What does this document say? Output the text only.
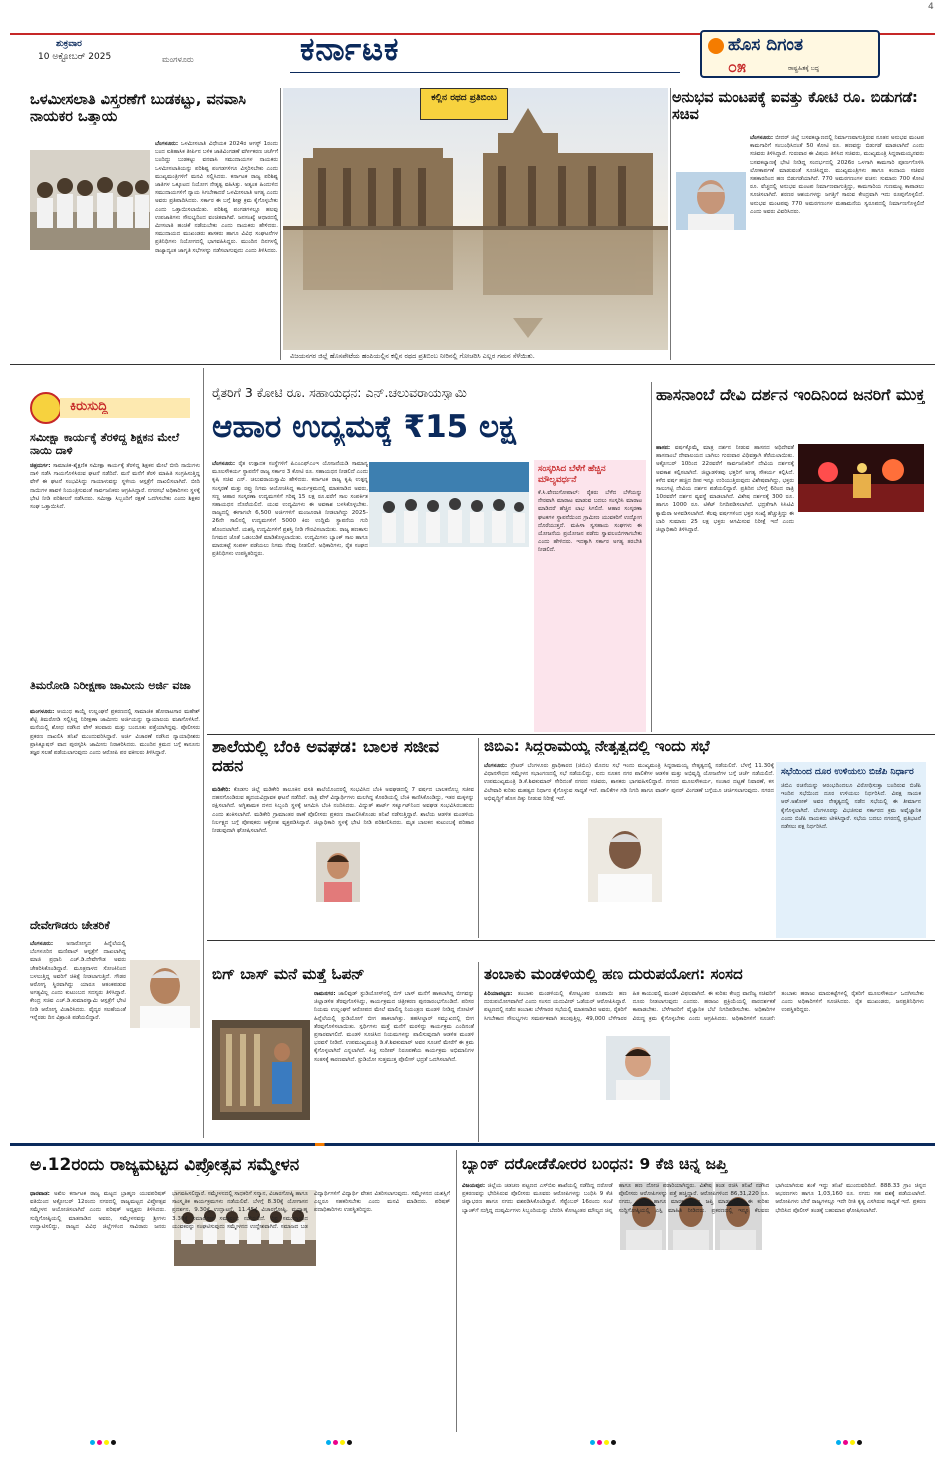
ಶುಕ್ರವಾರ
10 ಅಕ್ಟೋಬರ್ 2025	ಮಂಗಳೂರು	ಕರ್ನಾಟಕ	ಹೊಸ ದಿಗಂತ
೦೫	ರಾಷ್ಟ್ರಹಿತಕ್ಕೆ ಬದ್ಧ
4
ಒಳಮೀಸಲಾತಿ ವಿಸ್ತರಣೆಗೆ ಬುಡಕಟ್ಟು, ವನವಾಸಿ ನಾಯಕರ ಒತ್ತಾಯ
ಬೆಂಗಳೂರು: ಒಳಮೀಸಲಾತಿ ವಿಧೇಯಕ 2024ರ ಆಗಸ್ಟ್ 1ರಂದು ಬಂದ ಐತಿಹಾಸಿಕ ತೀರ್ಪಿನ ಬಳಿಕ ಜಾತಿವಿಂಗಡಣೆ ವರ್ಗೀಕರಣ ಚರ್ಚೆಗೆ ಬಂದಿದ್ದು ಬುಡಕಟ್ಟು ವನವಾಸಿ ಸಮುದಾಯಗಳ ನಾಯಕರು ಒಳಮೀಸಲಾತಿಯನ್ನು ಪರಿಶಿಷ್ಟ ಪಂಗಡಗಳಿಗೂ ವಿಸ್ತರಿಸಬೇಕು ಎಂದು ಮುಖ್ಯಮಂತ್ರಿಗಳಿಗೆ ಮನವಿ ಸಲ್ಲಿಸಿದರು. ಕರ್ನಾಟಕ ರಾಜ್ಯ ಪರಿಶಿಷ್ಟ ಜಾತಿಗಳ ಒಕ್ಕೂಟದ ನಿಯೋಗ ನೇತೃತ್ವ ವಹಿಸಿತ್ತು. ಅತ್ಯಂತ ಹಿಂದುಳಿದ ಸಮುದಾಯಗಳಿಗೆ ನ್ಯಾಯ ಸಿಗಬೇಕಾದರೆ ಒಳಮೀಸಲಾತಿ ಅಗತ್ಯ ಎಂದು ಅವರು ಪ್ರತಿಪಾದಿಸಿದರು. ಸರ್ಕಾರ ಈ ಬಗ್ಗೆ ಶೀಘ್ರ ಕ್ರಮ ಕೈಗೊಳ್ಳಬೇಕು ಎಂದು ಒತ್ತಾಯಿಸಲಾಯಿತು. ಪರಿಶಿಷ್ಟ ಪಂಗಡಗಳಲ್ಲೂ ಹಲವು ಉಪಜಾತಿಗಳು ಸೌಲಭ್ಯದಿಂದ ವಂಚಿತವಾಗಿವೆ. ಜನಸಂಖ್ಯೆ ಆಧಾರದಲ್ಲಿ ಮೀಸಲಾತಿ ಹಂಚಿಕೆ ನಡೆಯಬೇಕು ಎಂದು ನಾಯಕರು ಹೇಳಿದರು. ಸಮುದಾಯದ ಮುಖಂಡರು ಶಾಸಕರು ಹಾಗೂ ವಿವಿಧ ಸಂಘಟನೆಗಳ ಪ್ರತಿನಿಧಿಗಳು ನಿಯೋಗದಲ್ಲಿ ಭಾಗವಹಿಸಿದ್ದರು. ಮುಂದಿನ ದಿನಗಳಲ್ಲಿ ರಾಜ್ಯಾದ್ಯಂತ ಜಾಗೃತಿ ಸಭೆಗಳನ್ನು ನಡೆಸಲಾಗುವುದು ಎಂದು ತಿಳಿಸಿದರು.
ಕಲ್ಲಿನ ರಥದ ಪ್ರತಿಬಿಂಬ
ವಿಜಯನಗರ ಜಿಲ್ಲೆ ಹೊಸಪೇಟೆಯ ಹಂಪಿಯಲ್ಲಿನ ಕಲ್ಲಿನ ರಥದ ಪ್ರತಿಬಿಂಬ ನೀರಿನಲ್ಲಿ ಗೋಚರಿಸಿ ಎಲ್ಲರ ಗಮನ ಸೆಳೆಯಿತು.
ಅನುಭವ ಮಂಟಪಕ್ಕೆ ಐವತ್ತು ಕೋಟಿ ರೂ. ಬಿಡುಗಡೆ: ಸಚಿವ
ಬೆಂಗಳೂರು: ಬೀದರ್ ಜಿಲ್ಲೆ ಬಸವಕಲ್ಯಾಣದಲ್ಲಿ ನಿರ್ಮಾಣವಾಗುತ್ತಿರುವ ನೂತನ ಅನುಭವ ಮಂಟಪ ಕಾಮಗಾರಿಗೆ ಸಂಬಂಧಿಸಿದಂತೆ 50 ಕೋಟಿ ರೂ. ಹಣವನ್ನು ಬಿಡುಗಡೆ ಮಾಡಲಾಗಿದೆ ಎಂದು ಸಚಿವರು ತಿಳಿಸಿದ್ದಾರೆ. ಗುರುವಾರ ಈ ವಿಷಯ ತಿಳಿಸಿದ ಸಚಿವರು, ಮುಖ್ಯಮಂತ್ರಿ ಸಿದ್ದರಾಮಯ್ಯನವರು ಬಸವಕಲ್ಯಾಣಕ್ಕೆ ಭೇಟಿ ನೀಡಿದ್ದ ಸಂದರ್ಭದಲ್ಲಿ 2026ರ ಒಳಗಾಗಿ ಕಾಮಗಾರಿ ಪೂರ್ಣಗೊಳಿಸಿ ಲೋಕಾರ್ಪಣೆ ಮಾಡುವಂತೆ ಸೂಚಿಸಿದ್ದರು. ಮುಖ್ಯಮಂತ್ರಿಗಳು ಹಾಗೂ ಕಂದಾಯ ಸಚಿವರ ಸಹಕಾರದಿಂದ ಹಣ ಬಿಡುಗಡೆಯಾಗಿದೆ. 770 ಅಮರಗಣಂಗಳ ವಚನ: ಸುಮಾರು 700 ಕೋಟಿ ರೂ. ವೆಚ್ಚದಲ್ಲಿ ಅನುಭವ ಮಂಟಪ ನಿರ್ಮಾಣವಾಗುತ್ತಿದ್ದು, ಕಾಮಗಾರಿಯ ಗುಣಮಟ್ಟ ಕಾಪಾಡಲು ಸೂಚಿಸಲಾಗಿದೆ. ಶರಣರ ಆಶಯಗಳನ್ನು ಜಗತ್ತಿಗೆ ಸಾರುವ ಕೇಂದ್ರವಾಗಿ ಇದು ರೂಪುಗೊಳ್ಳಲಿದೆ. ಅನುಭವ ಮಂಟಪವು 770 ಅಮರಗಣಂಗಳ ಮಹಾಮನೆಯ ಸ್ವರೂಪದಲ್ಲಿ ನಿರ್ಮಾಣಗೊಳ್ಳಲಿದೆ ಎಂದು ಅವರು ವಿವರಿಸಿದರು.
ಕಿರುಸುದ್ದಿ
ಸಮೀಕ್ಷಾ ಕಾರ್ಯಕ್ಕೆ ತೆರಳಿದ್ದ ಶಿಕ್ಷಕನ ಮೇಲೆ ನಾಯಿ ದಾಳಿ
ಚಿತ್ರದುರ್ಗ: ಸಾಮಾಜಿಕ-ಶೈಕ್ಷಣಿಕ ಸಮೀಕ್ಷಾ ಕಾರ್ಯಕ್ಕೆ ತೆರಳಿದ್ದ ಶಿಕ್ಷಕನ ಮೇಲೆ ಬೀದಿ ನಾಯಿಗಳು ದಾಳಿ ನಡೆಸಿ ಗಾಯಗೊಳಿಸಿರುವ ಘಟನೆ ನಡೆದಿದೆ. ಮನೆ ಮನೆಗೆ ತೆರಳಿ ಮಾಹಿತಿ ಸಂಗ್ರಹಿಸುತ್ತಿದ್ದ ವೇಳೆ ಈ ಘಟನೆ ಸಂಭವಿಸಿದ್ದು ಗಾಯಾಳುವನ್ನು ಸ್ಥಳೀಯ ಆಸ್ಪತ್ರೆಗೆ ದಾಖಲಿಸಲಾಗಿದೆ. ಬೀದಿ ನಾಯಿಗಳ ಹಾವಳಿ ನಿಯಂತ್ರಿಸುವಂತೆ ಸಾರ್ವಜನಿಕರು ಆಗ್ರಹಿಸಿದ್ದಾರೆ. ನಗರಸಭೆ ಅಧಿಕಾರಿಗಳು ಸ್ಥಳಕ್ಕೆ ಭೇಟಿ ನೀಡಿ ಪರಿಶೀಲನೆ ನಡೆಸಿದರು. ಸಮೀಕ್ಷಾ ಸಿಬ್ಬಂದಿಗೆ ರಕ್ಷಣೆ ಒದಗಿಸಬೇಕು ಎಂದು ಶಿಕ್ಷಕರ ಸಂಘ ಒತ್ತಾಯಿಸಿದೆ.
ತಿಮರೋಡಿ ನಿರೀಕ್ಷಣಾ ಜಾಮೀನು ಅರ್ಜಿ ವಜಾ
ಮಂಗಳೂರು: ಆಯುಧ ಕಾಯ್ದೆ ಉಲ್ಲಂಘನೆ ಪ್ರಕರಣದಲ್ಲಿ ಸಾಮಾಜಿಕ ಹೋರಾಟಗಾರ ಮಹೇಶ್ ಶೆಟ್ಟಿ ತಿಮರೋಡಿ ಸಲ್ಲಿಸಿದ್ದ ನಿರೀಕ್ಷಣಾ ಜಾಮೀನು ಅರ್ಜಿಯನ್ನು ನ್ಯಾಯಾಲಯ ವಜಾಗೊಳಿಸಿದೆ. ಮನೆಯಲ್ಲಿ ಶೋಧ ನಡೆಸಿದ ವೇಳೆ ತಲವಾರು ಮತ್ತು ಬಂದೂಕು ಪತ್ತೆಯಾಗಿದ್ದವು. ಪೊಲೀಸರು ಪ್ರಕರಣ ದಾಖಲಿಸಿ ತನಿಖೆ ಮುಂದುವರಿಸಿದ್ದಾರೆ. ಅರ್ಜಿ ವಿಚಾರಣೆ ನಡೆಸಿದ ನ್ಯಾಯಾಧೀಶರು ಪ್ರಾಸಿಕ್ಯೂಷನ್ ವಾದ ಪುರಸ್ಕರಿಸಿ ಜಾಮೀನು ನಿರಾಕರಿಸಿದರು. ಮುಂದಿನ ಕ್ರಮದ ಬಗ್ಗೆ ಕಾನೂನು ತಜ್ಞರ ಸಲಹೆ ಪಡೆಯಲಾಗುವುದು ಎಂದು ಆರೋಪಿ ಪರ ವಕೀಲರು ತಿಳಿಸಿದ್ದಾರೆ.
ದೇವೇಗೌಡರು ಚೇತರಿಕೆ
ಬೆಂಗಳೂರು: ಅನಾರೋಗ್ಯದ ಹಿನ್ನೆಲೆಯಲ್ಲಿ ಬೆಂಗಳೂರಿನ ಮಣಿಪಾಲ್ ಆಸ್ಪತ್ರೆಗೆ ದಾಖಲಾಗಿದ್ದ ಮಾಜಿ ಪ್ರಧಾನಿ ಎಚ್.ಡಿ.ದೇವೇಗೌಡ ಅವರು ಚೇತರಿಸಿಕೊಂಡಿದ್ದಾರೆ. ಮೂತ್ರನಾಳದ ಸೋಂಕಿನಿಂದ ಬಳಲುತ್ತಿದ್ದ ಅವರಿಗೆ ಚಿಕಿತ್ಸೆ ನೀಡಲಾಗುತ್ತಿದೆ. ಗೌಡರ ಆರೋಗ್ಯ ಸ್ಥಿರವಾಗಿದ್ದು ಯಾರೂ ಆತಂಕಪಡುವ ಅಗತ್ಯವಿಲ್ಲ ಎಂದು ಕುಟುಂಬದ ಸದಸ್ಯರು ತಿಳಿಸಿದ್ದಾರೆ. ಕೇಂದ್ರ ಸಚಿವ ಎಚ್.ಡಿ.ಕುಮಾರಸ್ವಾಮಿ ಆಸ್ಪತ್ರೆಗೆ ಭೇಟಿ ನೀಡಿ ಆರೋಗ್ಯ ವಿಚಾರಿಸಿದರು. ವೈದ್ಯರ ಸಲಹೆಯಂತೆ ಇನ್ನೆರಡು ದಿನ ವಿಶ್ರಾಂತಿ ಪಡೆಯಲಿದ್ದಾರೆ.
ರೈತರಿಗೆ 3 ಕೋಟಿ ರೂ. ಸಹಾಯಧನ: ಎನ್.ಚಲುವರಾಯಸ್ವಾಮಿ
ಆಹಾರ ಉದ್ಯಮಕ್ಕೆ ₹15 ಲಕ್ಷ
ಬೆಂಗಳೂರು: ರೈತ ಉತ್ಪಾದಕ ಸಂಸ್ಥೆಗಳಿಗೆ ಪಿಎಂಎಫ್‌ಎಂಇ ಯೋಜನೆಯಡಿ ಸಾಮಾನ್ಯ ಮೂಲಸೌಕರ್ಯ ಸ್ಥಾಪನೆಗೆ ರಾಜ್ಯ ಸರ್ಕಾರ 3 ಕೋಟಿ ರೂ. ಸಹಾಯಧನ ನೀಡಲಿದೆ ಎಂದು ಕೃಷಿ ಸಚಿವ ಎನ್. ಚಲುವರಾಯಸ್ವಾಮಿ ಹೇಳಿದರು. ಕರ್ನಾಟಕ ರಾಜ್ಯ ಕೃಷಿ ಉತ್ಪನ್ನ ಸಂಸ್ಕರಣೆ ಮತ್ತು ರಫ್ತು ನಿಗಮ ಆಯೋಜಿಸಿದ್ದ ಕಾರ್ಯಕ್ರಮದಲ್ಲಿ ಮಾತನಾಡಿದ ಅವರು, ಸಣ್ಣ ಆಹಾರ ಸಂಸ್ಕರಣಾ ಉದ್ಯಮಗಳಿಗೆ ಗರಿಷ್ಠ 15 ಲಕ್ಷ ರೂ.ವರೆಗೆ ಸಾಲ ಸಂಪರ್ಕಿತ ಸಹಾಯಧನ ದೊರೆಯಲಿದೆ. ಯುವ ಉದ್ಯಮಿಗಳು ಈ ಅವಕಾಶ ಬಳಸಿಕೊಳ್ಳಬೇಕು. ರಾಜ್ಯದಲ್ಲಿ ಈಗಾಗಲೇ 6,500 ಅರ್ಜಿಗಳಿಗೆ ಮಂಜೂರಾತಿ ನೀಡಲಾಗಿದ್ದು 2025-26ನೇ ಸಾಲಿನಲ್ಲಿ ಉದ್ಯಮಗಳಿಗೆ 5000 ಕಿರು ಉದ್ದಿಮೆ ಸ್ಥಾಪನೆಯ ಗುರಿ ಹೊಂದಲಾಗಿದೆ. ಯಶಸ್ವಿ ಉದ್ಯಮಿಗಳಿಗೆ ಪ್ರಶಸ್ತಿ ನೀಡಿ ಗೌರವಿಸಲಾಯಿತು. ರಾಜ್ಯ ಹಣಕಾಸು ನಿಗಮದ ಜೊತೆ ಒಡಂಬಡಿಕೆ ಮಾಡಿಕೊಳ್ಳಲಾಯಿತು. ಉದ್ಯಮಿಗಳು ಬ್ಯಾಂಕ್ ಸಾಲ ಹಾಗೂ ಮಾರುಕಟ್ಟೆ ಸಂಪರ್ಕ ಪಡೆಯಲು ನಿಗಮ ನೆರವು ನೀಡಲಿದೆ. ಅಧಿಕಾರಿಗಳು, ರೈತ ಸಂಘದ ಪ್ರತಿನಿಧಿಗಳು ಉಪಸ್ಥಿತರಿದ್ದರು.
ಸಂಸ್ಕರಿಸಿದ ಬೆಳೆಗೆ ಹೆಚ್ಚಿನ ಮೌಲ್ಯವರ್ಧನೆ
ಕೆ.ಸಿ.ವೇಣುಗೋಪಾಲ್: ರೈತರು ಬೆಳೆದ ಬೆಳೆಯನ್ನು ನೇರವಾಗಿ ಮಾರಾಟ ಮಾಡುವ ಬದಲು ಸಂಸ್ಕರಿಸಿ ಮಾರಾಟ ಮಾಡಿದರೆ ಹೆಚ್ಚಿನ ಲಾಭ ಸಿಗಲಿದೆ. ಆಹಾರ ಸಂಸ್ಕರಣಾ ಘಟಕಗಳ ಸ್ಥಾಪನೆಯಿಂದ ಗ್ರಾಮೀಣ ಯುವಕರಿಗೆ ಉದ್ಯೋಗ ದೊರೆಯುತ್ತದೆ. ಮಹಿಳಾ ಸ್ವಸಹಾಯ ಸಂಘಗಳು ಈ ಯೋಜನೆಯ ಪ್ರಯೋಜನ ಪಡೆದು ಸ್ವಾವಲಂಬಿಗಳಾಗಬೇಕು ಎಂದು ಹೇಳಿದರು. ಇದಕ್ಕಾಗಿ ಸರ್ಕಾರ ಅಗತ್ಯ ತರಬೇತಿ ನೀಡಲಿದೆ.
ಹಾಸನಾಂಬೆ ದೇವಿ ದರ್ಶನ ಇಂದಿನಿಂದ ಜನರಿಗೆ ಮುಕ್ತ
ಹಾಸನ: ವರ್ಷಕ್ಕೊಮ್ಮೆ ಮಾತ್ರ ದರ್ಶನ ನೀಡುವ ಹಾಸನದ ಅಧಿದೇವತೆ ಹಾಸನಾಂಬೆ ದೇವಾಲಯದ ಬಾಗಿಲು ಗುರುವಾರ ವಿಧಿವತ್ತಾಗಿ ತೆರೆಯಲಾಯಿತು. ಅಕ್ಟೋಬರ್ 10ರಿಂದ 22ರವರೆಗೆ ಸಾರ್ವಜನಿಕರಿಗೆ ದೇವಿಯ ದರ್ಶನಕ್ಕೆ ಅವಕಾಶ ಕಲ್ಪಿಸಲಾಗಿದೆ. ಜಿಲ್ಲಾಡಳಿತವು ಭಕ್ತರಿಗೆ ಅಗತ್ಯ ಸೌಕರ್ಯ ಕಲ್ಪಿಸಿದೆ. ಕಳೆದ ವರ್ಷ ಹಚ್ಚಿದ ದೀಪ ಇನ್ನೂ ಉರಿಯುತ್ತಿರುವುದು ವಿಶೇಷವಾಗಿದ್ದು, ಭಕ್ತರು ಸಾಲುಗಟ್ಟಿ ದೇವಿಯ ದರ್ಶನ ಪಡೆಯಲಿದ್ದಾರೆ. ಪ್ರತಿದಿನ ಬೆಳಗ್ಗೆ 6ರಿಂದ ರಾತ್ರಿ 10ರವರೆಗೆ ದರ್ಶನ ವ್ಯವಸ್ಥೆ ಮಾಡಲಾಗಿದೆ. ವಿಶೇಷ ದರ್ಶನಕ್ಕೆ 300 ರೂ. ಹಾಗೂ 1000 ರೂ. ಟಿಕೆಟ್ ನಿಗದಿಪಡಿಸಲಾಗಿದೆ. ಭದ್ರತೆಗಾಗಿ ಸಿಸಿಟಿವಿ ಕ್ಯಾಮೆರಾ ಅಳವಡಿಸಲಾಗಿದೆ. ಕೆಲವು ವರ್ಷಗಳಿಂದ ಭಕ್ತರ ಸಂಖ್ಯೆ ಹೆಚ್ಚುತ್ತಿದ್ದು ಈ ಬಾರಿ ಸುಮಾರು 25 ಲಕ್ಷ ಭಕ್ತರು ಆಗಮಿಸುವ ನಿರೀಕ್ಷೆ ಇದೆ ಎಂದು ಜಿಲ್ಲಾಧಿಕಾರಿ ತಿಳಿಸಿದ್ದಾರೆ.
ಶಾಲೆಯಲ್ಲಿ ಬೆಂಕಿ ಅವಘಡ: ಬಾಲಕ ಸಜೀವ ದಹನ
ಮಡಿಕೇರಿ: ಕೊಡಗು ಜಿಲ್ಲೆ ಮಡಿಕೇರಿ ತಾಲೂಕಿನ ವಸತಿ ಶಾಲೆಯೊಂದರಲ್ಲಿ ಸಂಭವಿಸಿದ ಬೆಂಕಿ ಅವಘಡದಲ್ಲಿ 7 ವರ್ಷದ ಬಾಲಕನೊಬ್ಬ ಸಜೀವ ದಹನಗೊಂಡಿರುವ ಹೃದಯವಿದ್ರಾವಕ ಘಟನೆ ನಡೆದಿದೆ. ರಾತ್ರಿ ವೇಳೆ ವಿದ್ಯಾರ್ಥಿಗಳು ಮಲಗಿದ್ದ ಕೊಠಡಿಯಲ್ಲಿ ಬೆಂಕಿ ಕಾಣಿಸಿಕೊಂಡಿದ್ದು, ಇತರ ಮಕ್ಕಳನ್ನು ರಕ್ಷಿಸಲಾಗಿದೆ. ಅಗ್ನಿಶಾಮಕ ದಳದ ಸಿಬ್ಬಂದಿ ಸ್ಥಳಕ್ಕೆ ಆಗಮಿಸಿ ಬೆಂಕಿ ನಂದಿಸಿದರು. ವಿದ್ಯುತ್ ಶಾರ್ಟ್ ಸರ್ಕ್ಯೂಟ್‌ನಿಂದ ಅವಘಡ ಸಂಭವಿಸಿರಬಹುದು ಎಂದು ಶಂಕಿಸಲಾಗಿದೆ. ಮಡಿಕೇರಿ ಗ್ರಾಮಾಂತರ ಠಾಣೆ ಪೊಲೀಸರು ಪ್ರಕರಣ ದಾಖಲಿಸಿಕೊಂಡು ತನಿಖೆ ನಡೆಸುತ್ತಿದ್ದಾರೆ. ಶಾಲೆಯ ಆಡಳಿತ ಮಂಡಳಿಯ ನಿರ್ಲಕ್ಷ್ಯದ ಬಗ್ಗೆ ಪೋಷಕರು ಆಕ್ರೋಶ ವ್ಯಕ್ತಪಡಿಸಿದ್ದಾರೆ. ಜಿಲ್ಲಾಧಿಕಾರಿ ಸ್ಥಳಕ್ಕೆ ಭೇಟಿ ನೀಡಿ ಪರಿಶೀಲಿಸಿದರು. ಮೃತ ಬಾಲಕನ ಕುಟುಂಬಕ್ಕೆ ಪರಿಹಾರ ನೀಡುವುದಾಗಿ ಘೋಷಿಸಲಾಗಿದೆ.
ಜಿಬಿಎ: ಸಿದ್ದರಾಮಯ್ಯ ನೇತೃತ್ವದಲ್ಲಿ ಇಂದು ಸಭೆ
ಬೆಂಗಳೂರು: ಗ್ರೇಟರ್ ಬೆಂಗಳೂರು ಪ್ರಾಧಿಕಾರದ (ಜಿಬಿಎ) ಮೊದಲ ಸಭೆ ಇಂದು ಮುಖ್ಯಮಂತ್ರಿ ಸಿದ್ದರಾಮಯ್ಯ ನೇತೃತ್ವದಲ್ಲಿ ನಡೆಯಲಿದೆ. ಬೆಳಗ್ಗೆ 11.30ಕ್ಕೆ ವಿಧಾನಸೌಧದ ಸಮ್ಮೇಳನ ಸಭಾಂಗಣದಲ್ಲಿ ಸಭೆ ನಡೆಯಲಿದ್ದು, ಐದು ನೂತನ ನಗರ ಪಾಲಿಕೆಗಳ ಆಡಳಿತ ಮತ್ತು ಅಭಿವೃದ್ಧಿ ಯೋಜನೆಗಳ ಬಗ್ಗೆ ಚರ್ಚೆ ನಡೆಯಲಿದೆ. ಉಪಮುಖ್ಯಮಂತ್ರಿ ಡಿ.ಕೆ.ಶಿವಕುಮಾರ್ ಸೇರಿದಂತೆ ನಗರದ ಸಚಿವರು, ಶಾಸಕರು ಭಾಗವಹಿಸಲಿದ್ದಾರೆ. ನಗರದ ಮೂಲಸೌಕರ್ಯ, ಸಂಚಾರ ದಟ್ಟಣೆ ನಿವಾರಣೆ, ಕಸ ವಿಲೇವಾರಿ ಕುರಿತು ಮಹತ್ವದ ನಿರ್ಧಾರ ಕೈಗೊಳ್ಳುವ ಸಾಧ್ಯತೆ ಇದೆ. ಪಾಲಿಕೆಗಳ ಗಡಿ ನಿಗದಿ ಹಾಗೂ ವಾರ್ಡ್ ಪುನರ್ ವಿಂಗಡಣೆ ಬಗ್ಗೆಯೂ ಚರ್ಚಿಸಲಾಗುವುದು. ನಗರದ ಅಭಿವೃದ್ಧಿಗೆ ಹೊಸ ದಿಕ್ಕು ನೀಡುವ ನಿರೀಕ್ಷೆ ಇದೆ.
ಸಭೆಯಿಂದ ದೂರ ಉಳಿಯಲು ಬಿಜೆಪಿ ನಿರ್ಧಾರ
ಜಿಬಿಎ ರಚನೆಯನ್ನು ಆರಂಭದಿಂದಲೂ ವಿರೋಧಿಸುತ್ತಾ ಬಂದಿರುವ ಬಿಜೆಪಿ ಇಂದಿನ ಸಭೆಯಿಂದ ದೂರ ಉಳಿಯಲು ನಿರ್ಧರಿಸಿದೆ. ವಿಪಕ್ಷ ನಾಯಕ ಆರ್.ಅಶೋಕ್ ಅವರ ನೇತೃತ್ವದಲ್ಲಿ ನಡೆದ ಸಭೆಯಲ್ಲಿ ಈ ತೀರ್ಮಾನ ಕೈಗೊಳ್ಳಲಾಗಿದೆ. ಬೆಂಗಳೂರನ್ನು ವಿಭಜಿಸುವ ಸರ್ಕಾರದ ಕ್ರಮ ಅವೈಜ್ಞಾನಿಕ ಎಂದು ಬಿಜೆಪಿ ನಾಯಕರು ಟೀಕಿಸಿದ್ದಾರೆ. ಸಭೆಯ ಬದಲು ನಗರದಲ್ಲಿ ಪ್ರತಿಭಟನೆ ನಡೆಸಲು ಪಕ್ಷ ನಿರ್ಧರಿಸಿದೆ.
ಬಿಗ್ ಬಾಸ್ ಮನೆ ಮತ್ತೆ ಓಪನ್
ರಾಮನಗರ: ಜಾಲಿವುಡ್ ಸ್ಟುಡಿಯೋಸ್‌ನಲ್ಲಿ ಬಿಗ್ ಬಾಸ್ ಮನೆಗೆ ಹಾಕಲಾಗಿದ್ದ ಬೀಗವನ್ನು ಜಿಲ್ಲಾಡಳಿತ ತೆರವುಗೊಳಿಸಿದ್ದು, ಕಾರ್ಯಕ್ರಮದ ಚಿತ್ರೀಕರಣ ಪುನರಾರಂಭಗೊಂಡಿದೆ. ಪರಿಸರ ನಿಯಮ ಉಲ್ಲಂಘನೆ ಆರೋಪದ ಮೇಲೆ ಮಾಲಿನ್ಯ ನಿಯಂತ್ರಣ ಮಂಡಳಿ ನೀಡಿದ್ದ ನೋಟಿಸ್ ಹಿನ್ನೆಲೆಯಲ್ಲಿ ಸ್ಟುಡಿಯೋಗೆ ಬೀಗ ಹಾಕಲಾಗಿತ್ತು. ತಹಸೀಲ್ದಾರ್ ಸಮ್ಮುಖದಲ್ಲಿ ಬೀಗ ತೆರವುಗೊಳಿಸಲಾಯಿತು. ಸ್ಪರ್ಧಿಗಳು ಮತ್ತೆ ಮನೆಗೆ ಮರಳಿದ್ದು ಕಾರ್ಯಕ್ರಮ ಎಂದಿನಂತೆ ಪ್ರಸಾರವಾಗಲಿದೆ. ಮಂಡಳಿ ಸೂಚಿಸಿದ ನಿಯಮಗಳನ್ನು ಪಾಲಿಸುವುದಾಗಿ ಆಡಳಿತ ಮಂಡಳಿ ಭರವಸೆ ನೀಡಿದೆ. ಉಪಮುಖ್ಯಮಂತ್ರಿ ಡಿ.ಕೆ.ಶಿವಕುಮಾರ್ ಅವರ ಸೂಚನೆ ಮೇರೆಗೆ ಈ ಕ್ರಮ ಕೈಗೊಳ್ಳಲಾಗಿದೆ ಎನ್ನಲಾಗಿದೆ. ಕಿಚ್ಚ ಸುದೀಪ್ ನಿರೂಪಣೆಯ ಕಾರ್ಯಕ್ರಮ ಅಭಿಮಾನಿಗಳ ಸಂತಸಕ್ಕೆ ಕಾರಣವಾಗಿದೆ. ಸ್ಟುಡಿಯೋ ಸುತ್ತಮುತ್ತ ಪೊಲೀಸ್ ಭದ್ರತೆ ಒದಗಿಸಲಾಗಿದೆ.
ತಂಬಾಕು ಮಂಡಳಿಯಲ್ಲಿ ಹಣ ದುರುಪಯೋಗ: ಸಂಸದ
ಪಿರಿಯಾಪಟ್ಟಣ: ತಂಬಾಕು ಮಂಡಳಿಯಲ್ಲಿ ಕೋಟ್ಯಂತರ ರೂಪಾಯಿ ಹಣ ದುರುಪಯೋಗವಾಗಿದೆ ಎಂದು ಸಂಸದ ಯದುವೀರ್ ಒಡೆಯರ್ ಆರೋಪಿಸಿದ್ದಾರೆ. ಪಟ್ಟಣದಲ್ಲಿ ನಡೆದ ತಂಬಾಕು ಬೆಳೆಗಾರರ ಸಭೆಯಲ್ಲಿ ಮಾತನಾಡಿದ ಅವರು, ರೈತರಿಗೆ ಸಿಗಬೇಕಾದ ಸೌಲಭ್ಯಗಳು ಸಮರ್ಪಕವಾಗಿ ತಲುಪುತ್ತಿಲ್ಲ. 49,000 ಬೆಳೆಗಾರರ ಹಿತ ಕಾಯುವಲ್ಲಿ ಮಂಡಳಿ ವಿಫಲವಾಗಿದೆ. ಈ ಕುರಿತು ಕೇಂದ್ರ ವಾಣಿಜ್ಯ ಸಚಿವರಿಗೆ ದೂರು ನೀಡಲಾಗುವುದು ಎಂದರು. ಹರಾಜು ಪ್ರಕ್ರಿಯೆಯಲ್ಲಿ ಪಾರದರ್ಶಕತೆ ಕಾಪಾಡಬೇಕು. ಬೆಳೆಗಾರರಿಗೆ ವೈಜ್ಞಾನಿಕ ಬೆಲೆ ನಿಗದಿಪಡಿಸಬೇಕು. ಅಧಿಕಾರಿಗಳ ವಿರುದ್ಧ ಕ್ರಮ ಕೈಗೊಳ್ಳಬೇಕು ಎಂದು ಆಗ್ರಹಿಸಿದರು. ಅಧಿಕಾರಿಗಳಿಗೆ ಸೂಚನೆ: ತಂಬಾಕು ಹರಾಜು ಮಾರುಕಟ್ಟೆಗಳಲ್ಲಿ ರೈತರಿಗೆ ಮೂಲಸೌಕರ್ಯ ಒದಗಿಸಬೇಕು ಎಂದು ಅಧಿಕಾರಿಗಳಿಗೆ ಸೂಚಿಸಿದರು. ರೈತ ಮುಖಂಡರು, ಜನಪ್ರತಿನಿಧಿಗಳು ಉಪಸ್ಥಿತರಿದ್ದರು.
ಅ.12ರಂದು ರಾಜ್ಯಮಟ್ಟದ ವಿಪ್ರೋತ್ಸವ ಸಮ್ಮೇಳನ
ಧಾರವಾಡ: ಅಖಿಲ ಕರ್ನಾಟಕ ರಾಜ್ಯ ಮಟ್ಟದ ಬ್ರಾಹ್ಮಣ ಯುವಪರಿಷತ್ ವತಿಯಿಂದ ಅಕ್ಟೋಬರ್ 12ರಂದು ನಗರದಲ್ಲಿ ರಾಜ್ಯಮಟ್ಟದ ವಿಪ್ರೋತ್ಸವ ಸಮ್ಮೇಳನ ಆಯೋಜಿಸಲಾಗಿದೆ ಎಂದು ಪರಿಷತ್ ಅಧ್ಯಕ್ಷರು ತಿಳಿಸಿದರು. ಸುದ್ದಿಗೋಷ್ಠಿಯಲ್ಲಿ ಮಾತನಾಡಿದ ಅವರು, ಸಮ್ಮೇಳನವನ್ನು ಶ್ರೀಗಳು ಉದ್ಘಾಟಿಸಲಿದ್ದು, ರಾಜ್ಯದ ವಿವಿಧ ಜಿಲ್ಲೆಗಳಿಂದ ಸಾವಿರಾರು ಜನರು ಭಾಗವಹಿಸಲಿದ್ದಾರೆ. ಸಮ್ಮೇಳನದಲ್ಲಿ ಸಾಧಕರಿಗೆ ಸನ್ಮಾನ, ವಿಚಾರಗೋಷ್ಠಿ ಹಾಗೂ ಸಾಂಸ್ಕೃತಿಕ ಕಾರ್ಯಕ್ರಮಗಳು ನಡೆಯಲಿವೆ. ಬೆಳಗ್ಗೆ 8.30ಕ್ಕೆ ಯೋಗಾಸನ ಪ್ರದರ್ಶನ, 9.30ಕ್ಕೆ ಉದ್ಘಾಟನೆ, 11.45ಕ್ಕೆ ವಿಚಾರಗೋಷ್ಠಿ, ಮಧ್ಯಾಹ್ನ 3.30ಕ್ಕೆ ಸಮಾರೋಪ ಸಮಾರಂಭ ನಡೆಯಲಿದೆ. ವಿಪ್ರ ಸಮುದಾಯದ ಯುವಕರನ್ನು ಸಂಘಟಿಸುವುದು ಸಮ್ಮೇಳನದ ಉದ್ದೇಶವಾಗಿದೆ. ಸಮಾಜದ ಬಡ ವಿದ್ಯಾರ್ಥಿಗಳಿಗೆ ವಿದ್ಯಾರ್ಥಿ ವೇತನ ವಿತರಿಸಲಾಗುವುದು. ಸಮ್ಮೇಳನದ ಯಶಸ್ಸಿಗೆ ಎಲ್ಲರೂ ಸಹಕರಿಸಬೇಕು ಎಂದು ಮನವಿ ಮಾಡಿದರು. ಪರಿಷತ್ ಪದಾಧಿಕಾರಿಗಳು ಉಪಸ್ಥಿತರಿದ್ದರು.
ಬ್ಯಾಂಕ್ ದರೋಡೆಕೋರರ ಬಂಧನ: 9 ಕೆಜಿ ಚಿನ್ನ ಜಪ್ತಿ
ವಿಜಯಪುರ: ಜಿಲ್ಲೆಯ ಚಡಚಣ ಪಟ್ಟಣದ ಎಸ್‌ಬಿಐ ಶಾಖೆಯಲ್ಲಿ ನಡೆದಿದ್ದ ದರೋಡೆ ಪ್ರಕರಣವನ್ನು ಭೇದಿಸಿರುವ ಪೊಲೀಸರು ಮೂವರು ಆರೋಪಿಗಳನ್ನು ಬಂಧಿಸಿ 9 ಕೆಜಿ ಚಿನ್ನಾಭರಣ ಹಾಗೂ ನಗದು ವಶಪಡಿಸಿಕೊಂಡಿದ್ದಾರೆ. ಸೆಪ್ಟೆಂಬರ್ 16ರಂದು ಸಂಜೆ ಬ್ಯಾಂಕ್‌ಗೆ ನುಗ್ಗಿದ್ದ ದುಷ್ಕರ್ಮಿಗಳು ಸಿಬ್ಬಂದಿಯನ್ನು ಬೆದರಿಸಿ ಕೋಟ್ಯಂತರ ಮೌಲ್ಯದ ಚಿನ್ನ ಹಾಗೂ ಹಣ ದೋಚಿ ಪರಾರಿಯಾಗಿದ್ದರು. ವಿಶೇಷ ತಂಡ ರಚಿಸಿ ತನಿಖೆ ನಡೆಸಿದ ಪೊಲೀಸರು ಆರೋಪಿಗಳನ್ನು ಪತ್ತೆ ಹಚ್ಚಿದ್ದಾರೆ. ಆರೋಪಿಗಳಿಂದ 86,31,220 ರೂ. ನಗದು, ವಾಹನ ಹಾಗೂ ಮಾರಕಾಸ್ತ್ರಗಳನ್ನು ಜಪ್ತಿ ಮಾಡಲಾಗಿದೆ. ಈ ಕುರಿತು ಸುದ್ದಿಗೋಷ್ಠಿಯಲ್ಲಿ ಎಸ್ಪಿ ಮಾಹಿತಿ ನೀಡಿದರು. ಪ್ರಕರಣದಲ್ಲಿ ಇನ್ನೂ ಕೆಲವರು ಭಾಗಿಯಾಗಿರುವ ಶಂಕೆ ಇದ್ದು ತನಿಖೆ ಮುಂದುವರಿದಿದೆ. 888.33 ಗ್ರಾಂ ಚಿನ್ನದ ಆಭರಣಗಳು ಹಾಗೂ 1,03,160 ರೂ. ನಗದು ಸಹ ವಶಕ್ಕೆ ಪಡೆಯಲಾಗಿದೆ. ಆರೋಪಿಗಳು ಬೇರೆ ರಾಜ್ಯಗಳಲ್ಲೂ ಇದೇ ರೀತಿ ಕೃತ್ಯ ಎಸಗಿರುವ ಸಾಧ್ಯತೆ ಇದೆ. ಪ್ರಕರಣ ಭೇದಿಸಿದ ಪೊಲೀಸ್ ತಂಡಕ್ಕೆ ಬಹುಮಾನ ಘೋಷಿಸಲಾಗಿದೆ.
